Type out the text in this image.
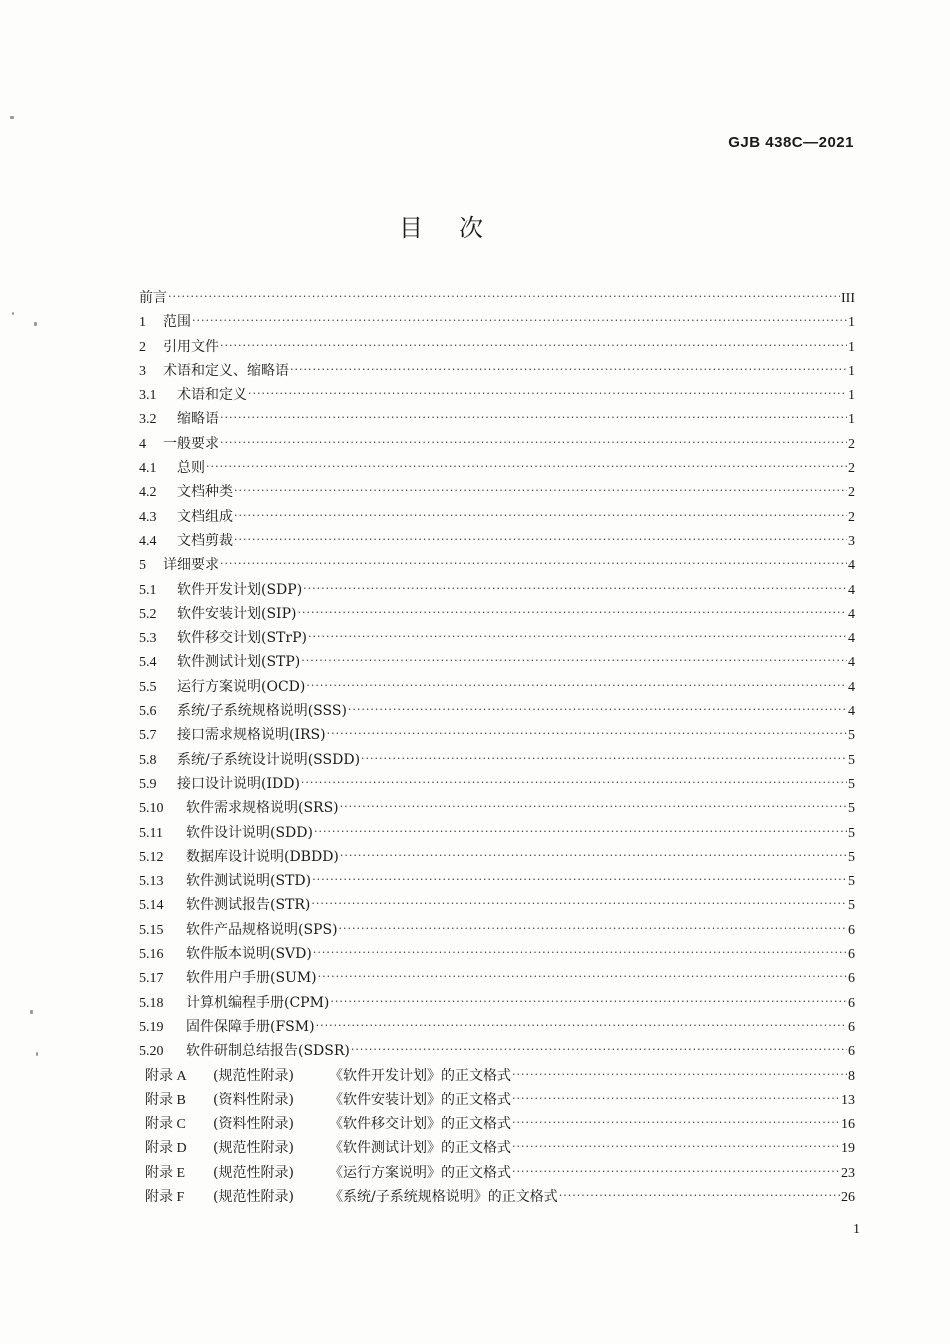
GJB 438C—2021
目次
前言 ·····	III
1	范围 ·····	1
2	引用文件 ·····	1
3	术语和定义、缩略语 ·····	1
3.1	术语和定义 ·····	1
3.2	缩略语 ·····	1
4	一般要求 ·····	2
4.1	总则 ·····	2
4.2	文档种类 ·····	2
4.3	文档组成 ·····	2
4.4	文档剪裁 ·····	3
5	详细要求 ·····	4
5.1	软件开发计划(SDP) ·····	4
5.2	软件安装计划(SIP) ·····	4
5.3	软件移交计划(STrP) ·····	4
5.4	软件测试计划(STP) ·····	4
5.5	运行方案说明(OCD) ·····	4
5.6	系统/子系统规格说明(SSS) ·····	4
5.7	接口需求规格说明(IRS) ·····	5
5.8	系统/子系统设计说明(SSDD) ·····	5
5.9	接口设计说明(IDD) ·····	5
5.10	软件需求规格说明(SRS) ·····	5
5.11	软件设计说明(SDD) ·····	5
5.12	数据库设计说明(DBDD) ·····	5
5.13	软件测试说明(STD) ·····	5
5.14	软件测试报告(STR) ·····	5
5.15	软件产品规格说明(SPS) ·····	6
5.16	软件版本说明(SVD) ·····	6
5.17	软件用户手册(SUM) ·····	6
5.18	计算机编程手册(CPM) ·····	6
5.19	固件保障手册(FSM) ·····	6
5.20	软件研制总结报告(SDSR) ·····	6
附录 A	(规范性附录)	《软件开发计划》的正文格式 ·····	8
附录 B	(资料性附录)	《软件安装计划》的正文格式 ·····	13
附录 C	(资料性附录)	《软件移交计划》的正文格式 ·····	16
附录 D	(规范性附录)	《软件测试计划》的正文格式 ·····	19
附录 E	(规范性附录)	《运行方案说明》的正文格式 ·····	23
附录 F	(规范性附录)	《系统/子系统规格说明》的正文格式 ·····	26
1
